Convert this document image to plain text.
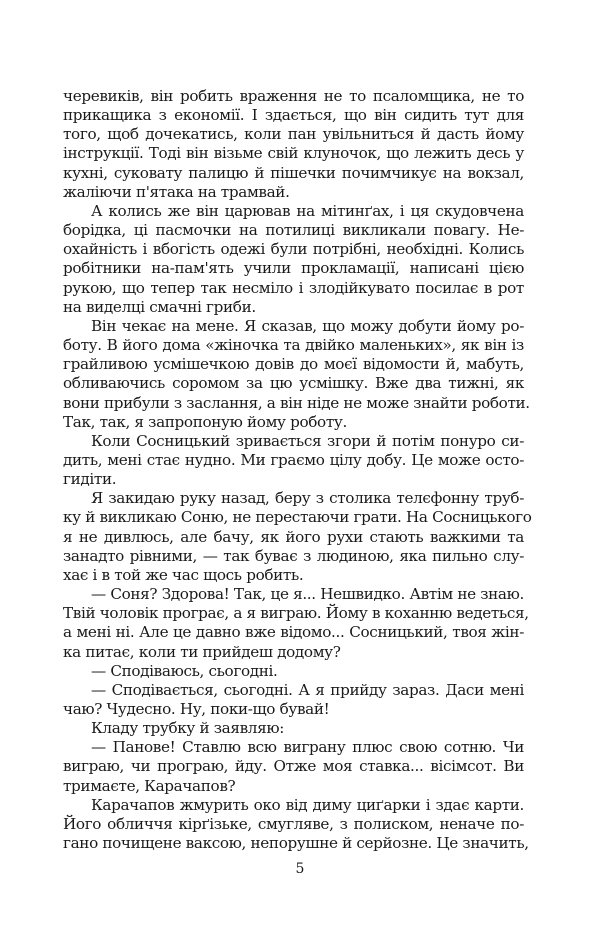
черевиків, він робить враження не то псаломщика, не то
прикащика з економії. І здається, що він сидить тут для
того, щоб дочекатись, коли пан увільниться й дасть йому
інструкції. Тоді він візьме свій клуночок, що лежить десь у
кухні, суковату палицю й пішечки почимчикує на вокзал,
жаліючи п'ятака на трамвай.
А колись же він царював на мітинґах, і ця скудовчена
борідка, ці пасмочки на потилиці викликали повагу. Не-
охайність і вбогість одежі були потрібні, необхідні. Колись
робітники на-пам'ять учили прокламації, написані цією
рукою, що тепер так несміло і злодійкувато посилає в рот
на виделці смачні гриби.
Він чекає на мене. Я сказав, що можу добути йому ро-
боту. В його дома «жіночка та двійко маленьких», як він із
грайливою усмішечкою довів до моєї відомости й, мабуть,
обливаючись соромом за цю усмішку. Вже два тижні, як
вони прибули з заслання, а він ніде не може знайти роботи.
Так, так, я запропоную йому роботу.
Коли Сосницький зривається згори й потім понуро си-
дить, мені стає нудно. Ми граємо цілу добу. Це може осто-
гидіти.
Я закидаю руку назад, беру з столика телєфонну труб-
ку й викликаю Соню, не перестаючи грати. На Сосницького
я не дивлюсь, але бачу, як його рухи стають важкими та
занадто рівними, — так буває з людиною, яка пильно слу-
хає і в той же час щось робить.
— Соня? Здорова! Так, це я... Нешвидко. Автім не знаю.
Твій чоловік програє, а я виграю. Йому в коханню ведеться,
а мені ні. Але це давно вже відомо... Сосницький, твоя жін-
ка питає, коли ти прийдеш додому?
— Сподіваюсь, сьогодні.
— Сподівається, сьогодні. А я прийду зараз. Даси мені
чаю? Чудесно. Ну, поки-що бувай!
Кладу трубку й заявляю:
— Панове! Ставлю всю виграну плюс свою сотню. Чи
виграю, чи програю, йду. Отже моя ставка... вісімсот. Ви
тримаєте, Карачапов?
Карачапов жмурить око від диму циґарки і здає карти.
Його обличчя кірґізьке, смугляве, з полиском, неначе по-
гано почищене ваксою, непорушне й серйозне. Це значить,
5
